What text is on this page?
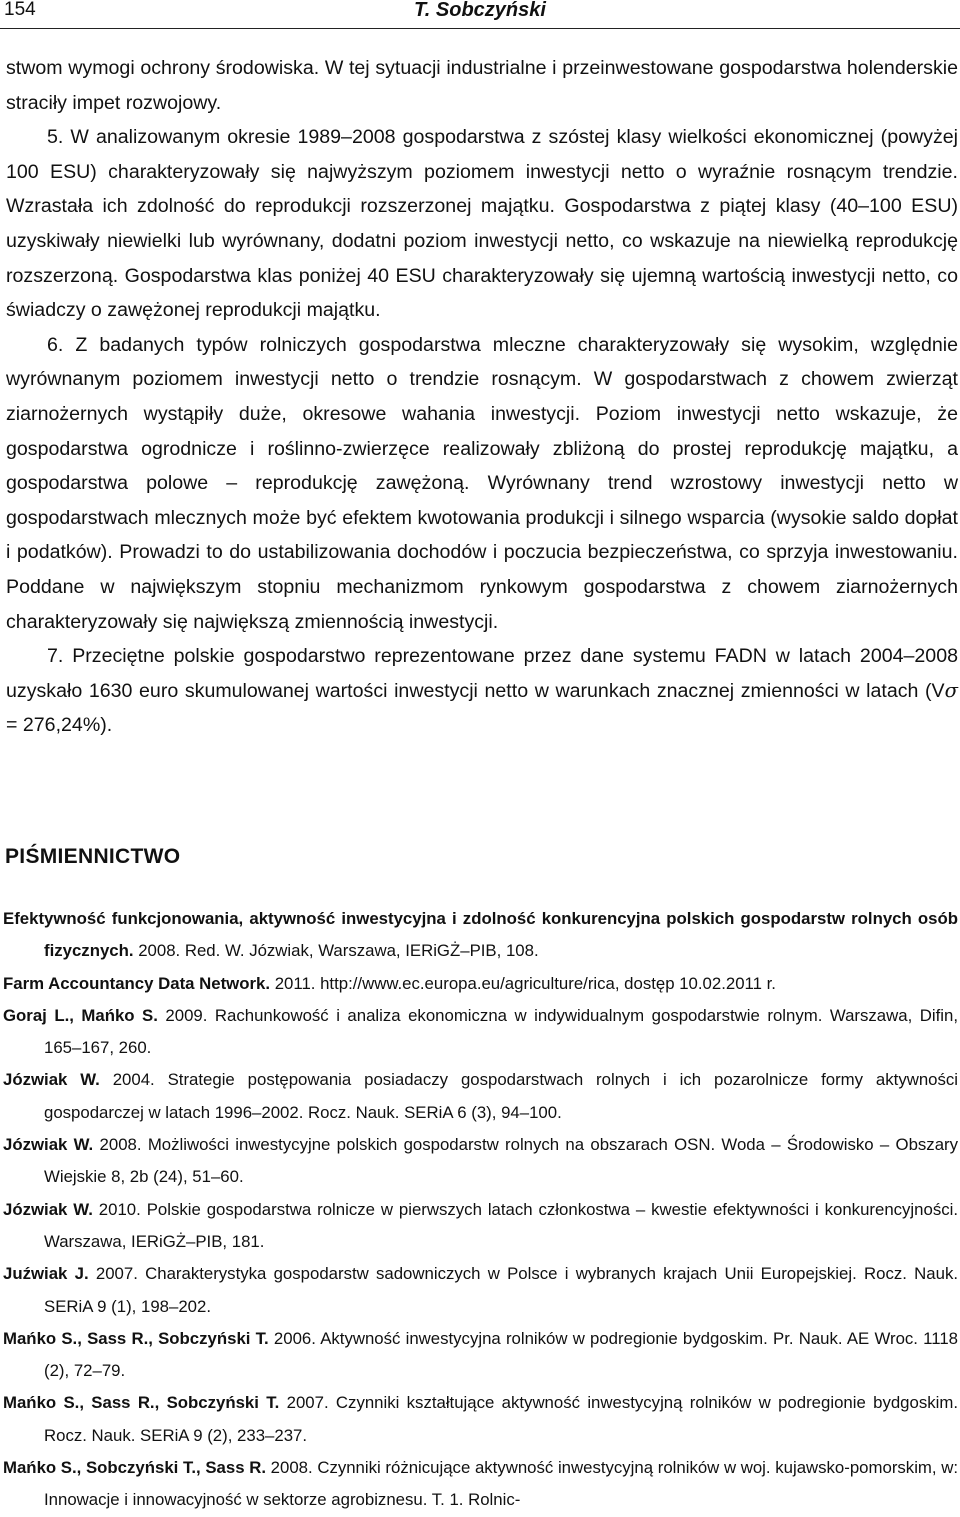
154	T. Sobczyński

stwom wymogi ochrony środowiska. W tej sytuacji industrialne i przeinwestowane gospodarstwa holenderskie straciły impet rozwojowy.

5. W analizowanym okresie 1989–2008 gospodarstwa z szóstej klasy wielkości ekonomicznej (powyżej 100 ESU) charakteryzowały się najwyższym poziomem inwestycji netto o wyraźnie rosnącym trendzie. Wzrastała ich zdolność do reprodukcji rozszerzonej majątku. Gospodarstwa z piątej klasy (40–100 ESU) uzyskiwały niewielki lub wyrównany, dodatni poziom inwestycji netto, co wskazuje na niewielką reprodukcję rozszerzoną. Gospodarstwa klas poniżej 40 ESU charakteryzowały się ujemną wartością inwestycji netto, co świadczy o zawężonej reprodukcji majątku.

6. Z badanych typów rolniczych gospodarstwa mleczne charakteryzowały się wysokim, względnie wyrównanym poziomem inwestycji netto o trendzie rosnącym. W gospodarstwach z chowem zwierząt ziarnożernych wystąpiły duże, okresowe wahania inwestycji. Poziom inwestycji netto wskazuje, że gospodarstwa ogrodnicze i roślinno-zwierzęce realizowały zbliżoną do prostej reprodukcję majątku, a gospodarstwa polowe – reprodukcję zawężoną. Wyrównany trend wzrostowy inwestycji netto w gospodarstwach mlecznych może być efektem kwotowania produkcji i silnego wsparcia (wysokie saldo dopłat i podatków). Prowadzi to do ustabilizowania dochodów i poczucia bezpieczeństwa, co sprzyja inwestowaniu. Poddane w największym stopniu mechanizmom rynkowym gospodarstwa z chowem ziarnożernych charakteryzowały się największą zmiennością inwestycji.

7. Przeciętne polskie gospodarstwo reprezentowane przez dane systemu FADN w latach 2004–2008 uzyskało 1630 euro skumulowanej wartości inwestycji netto w warunkach znacznej zmienności w latach (Vσ = 276,24%).

PIŚMIENNICTWO

Efektywność funkcjonowania, aktywność inwestycyjna i zdolność konkurencyjna polskich gospodarstw rolnych osób fizycznych. 2008. Red. W. Józwiak, Warszawa, IERiGŻ–PIB, 108.

Farm Accountancy Data Network. 2011. http://www.ec.europa.eu/agriculture/rica, dostęp 10.02.2011 r.

Goraj L., Mańko S. 2009. Rachunkowość i analiza ekonomiczna w indywidualnym gospodarstwie rolnym. Warszawa, Difin, 165–167, 260.

Józwiak W. 2004. Strategie postępowania posiadaczy gospodarstwach rolnych i ich pozarolnicze formy aktywności gospodarczej w latach 1996–2002. Rocz. Nauk. SERiA 6 (3), 94–100.

Józwiak W. 2008. Możliwości inwestycyjne polskich gospodarstw rolnych na obszarach OSN. Woda – Środowisko – Obszary Wiejskie 8, 2b (24), 51–60.

Józwiak W. 2010. Polskie gospodarstwa rolnicze w pierwszych latach członkostwa – kwestie efektywności i konkurencyjności. Warszawa, IERiGŻ–PIB, 181.

Juźwiak J. 2007. Charakterystyka gospodarstw sadowniczych w Polsce i wybranych krajach Unii Europejskiej. Rocz. Nauk. SERiA 9 (1), 198–202.

Mańko S., Sass R., Sobczyński T. 2006. Aktywność inwestycyjna rolników w podregionie bydgoskim. Pr. Nauk. AE Wroc. 1118 (2), 72–79.

Mańko S., Sass R., Sobczyński T. 2007. Czynniki kształtujące aktywność inwestycyjną rolników w podregionie bydgoskim. Rocz. Nauk. SERiA 9 (2), 233–237.

Mańko S., Sobczyński T., Sass R. 2008. Czynniki różnicujące aktywność inwestycyjną rolników w woj. kujawsko-pomorskim, w: Innowacje i innowacyjność w sektorze agrobiznesu. T. 1. Rolnic-
